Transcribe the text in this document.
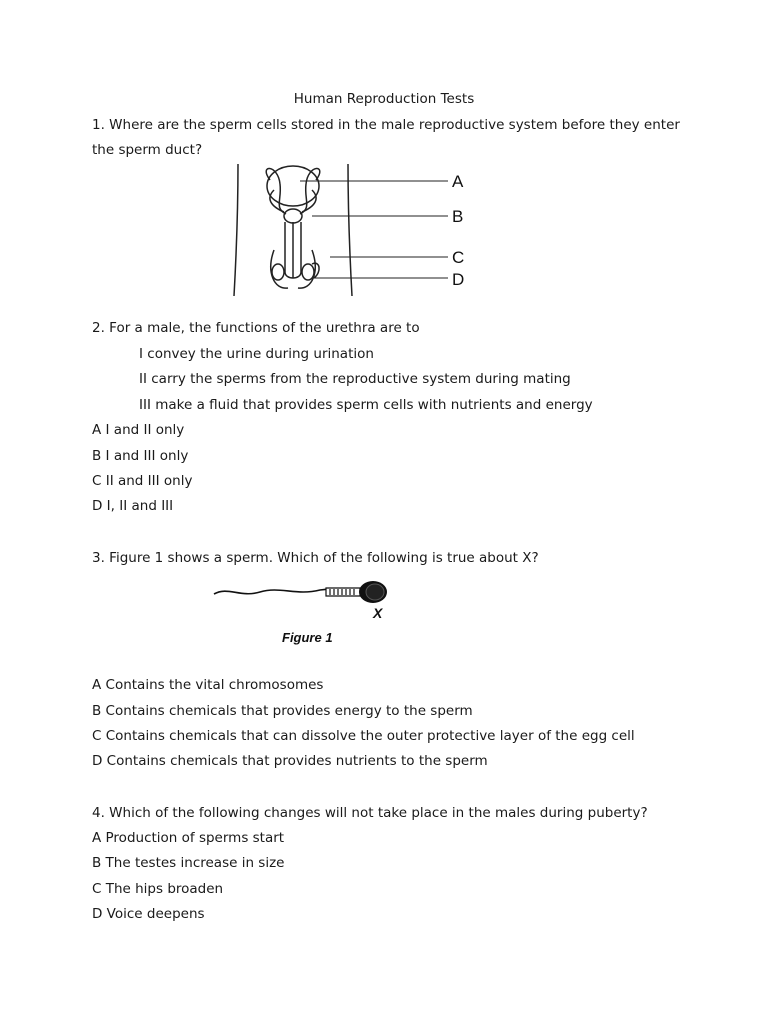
Human Reproduction Tests
1. Where are the sperm cells stored in the male reproductive system before they enter
the sperm duct?
A
B
C
D
2. For a male, the functions of the urethra are to
I convey the urine during urination
II carry the sperms from the reproductive system during mating
III make a fluid that provides sperm cells with nutrients and energy
A I and II only
B I and III only
C II and III only
D I, II and III
3. Figure 1 shows a sperm. Which of the following is true about X?
X
Figure 1
A Contains the vital chromosomes
B Contains chemicals that provides energy to the sperm
C Contains chemicals that can dissolve the outer protective layer of the egg cell
D Contains chemicals that provides nutrients to the sperm
4. Which of the following changes will not take place in the males during puberty?
A Production of sperms start
B The testes increase in size
C The hips broaden
D Voice deepens
